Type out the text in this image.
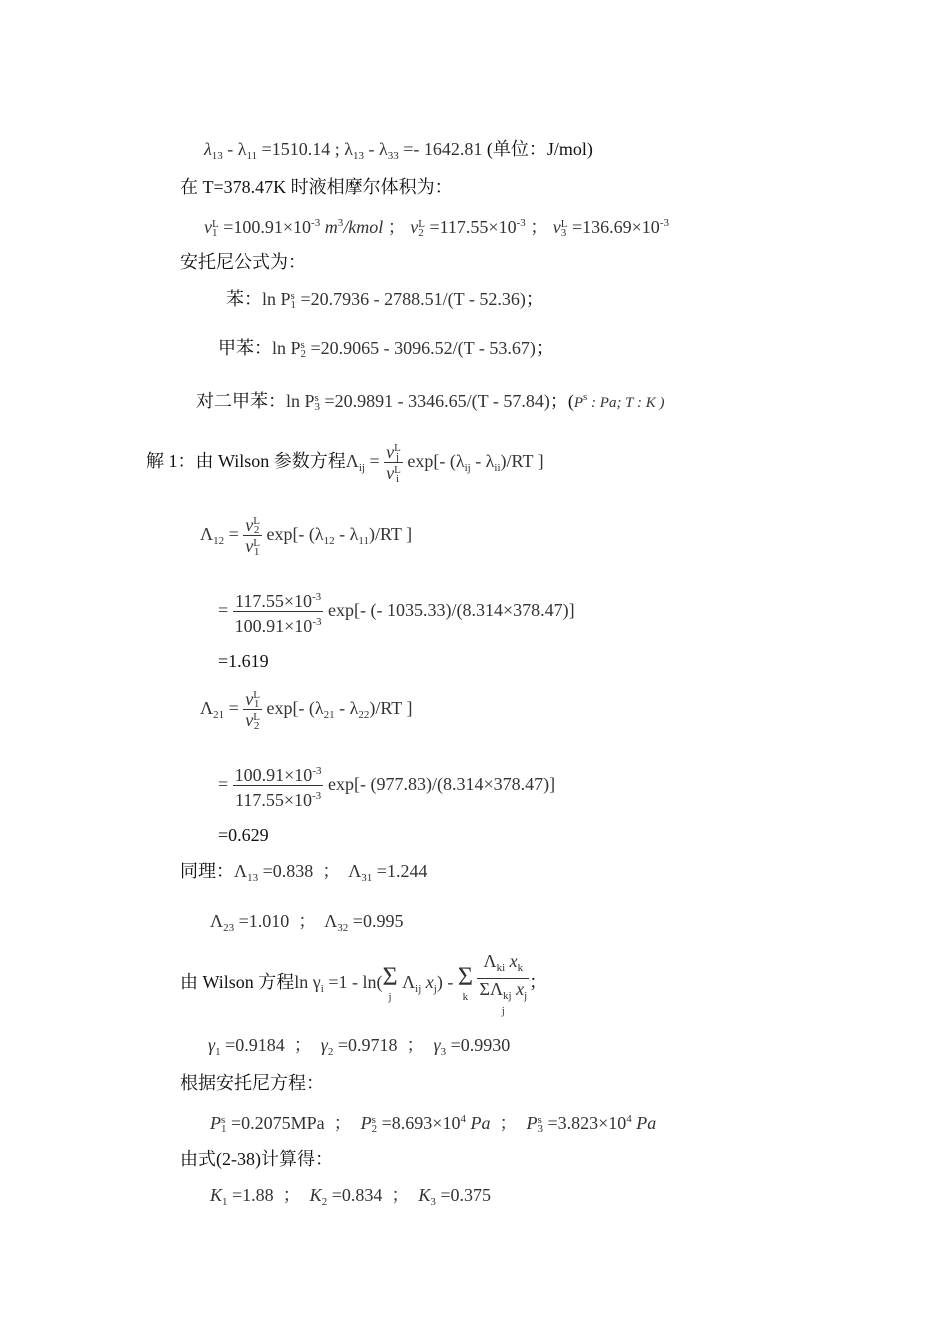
$\lambda_{13} - \lambda_{11} =1510.14$ ; $\lambda_{13} - \lambda_{33} =- 1642.81$ (单位：J/mol)
在 T=378.47K 时液相摩尔体积为：
v L
$1 =100.91\times 10^{-3}$ $m^3$/kmol ； v L
$2 =117.55\times 10^{-3}$ ； v L
$3 =136.69\times 10^{-3}$
安托尼公式为：
苯：ln P s
1 =20.7936 - 2788.51/(T - 52.36)；
甲苯：ln P s
2 =20.9065 - 3096.52/(T - 53.67)；
对二甲苯：ln P s
3 =20.9891 - 3346.65/(T - 57.84)；($P^s$ : Pa; T : K )
解 1：由 Wilson 参数方程$\Lambda_{ij} = v$ L
j
v L
i exp[- $(\lambda_{ij} - \lambda_{ii})/RT$ ]
$\Lambda_{12} = v$ L
2
v L
1 exp[- $(\lambda_{12} - \lambda_{11})/RT$ ]
= $\frac{117.55\times 10^{-3}}{100.91\times 10^{-3}} \exp[-$ (- 1035.33)/(8.314×378.47)]
=1.619
$\Lambda_{21} = v$ L
1
v L
2 exp[- $(\lambda_{21} - \lambda_{22})/RT$ ]
= $\frac{100.91\times 10^{-3}}{117.55\times 10^{-3}} \exp[-$ (977.83)/(8.314×378.47)]
=0.629
同理：$\Lambda_{13} =0.838$  ；  $\Lambda_{31} =1.244$
$\Lambda_{23} =1.010$  ；  $\Lambda_{32} =0.995$
由 Wilson 方程$\ln \gamma_i =1 - \ln$( Σ
j
$\Lambda_{ij}$ $x_j$) - Σ
k
$\Lambda_{ki}$ $x_k$
$\Sigma\Lambda_{kj}$ $x_j$
j ；
$\gamma_1 =0.9184$  ；  $\gamma_2 =0.9718$  ；  $\gamma_3 =0.9930$
根据安托尼方程：
P s
1 =0.2075MPa  ；  P s
$2 =8.693\times 10^4$ Pa  ；  P s
$3 =3.823\times 10^4$ Pa
由式(2-38)计算得：
$K_1 =1.88$  ；  $K_2 =0.834$  ；  $K_3 =0.375$
